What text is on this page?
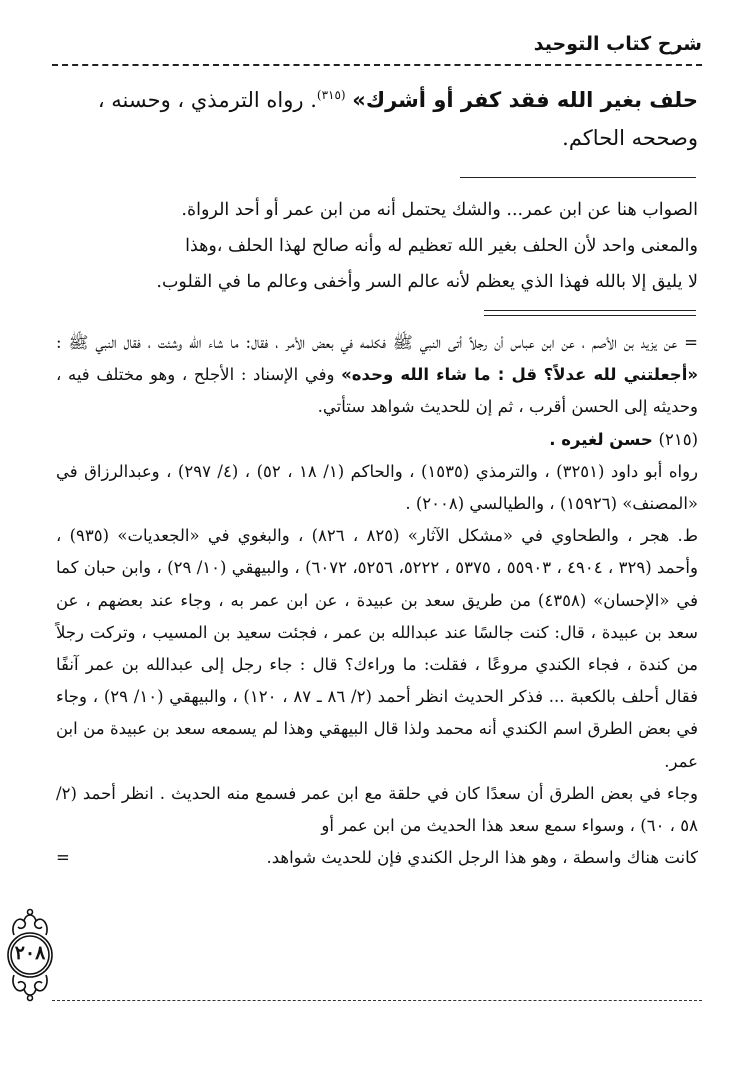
شرح كتاب التوحيد
حلف بغير الله فقد كفر أو أشرك» $^{(٣١٥)}$. رواه الترمذي ، وحسنه ،
وصححه الحاكم.
الصواب هنا عن ابن عمر... والشك يحتمل أنه من ابن عمر أو أحد الرواة.
والمعنى واحد لأن الحلف بغير الله تعظيم له وأنه صالح لهذا الحلف ،وهذا
لا يليق إلا بالله فهذا الذي يعظم لأنه عالم السر وأخفى وعالم ما في القلوب.

= عن يزيد بن الأصم ، عن ابن عباس أن رجلاً أتى النبي ﷺ فكلمه في بعض الأمر ، فقال: ما شاء الله وشئت ، فقال النبي ﷺ : «أجعلتني لله عدلاً؟ قل : ما شاء الله وحده» وفي الإسناد : الأجلح ، وهو مختلف فيه ، وحديثه إلى الحسن أقرب ، ثم إن للحديث شواهد ستأتي.

(٢١٥) حسن لغيره .

رواه أبو داود (٣٢٥١) ، والترمذي (١٥٣٥) ، والحاكم (١/ ١٨ ، ٥٢) ، (٤/ ٢٩٧) ، وعبدالرزاق في «المصنف» (١٥٩٢٦) ، والطيالسي (٢٠٠٨) .

ط. هجر ، والطحاوي في «مشكل الآثار» (٨٢٥ ، ٨٢٦) ، والبغوي في «الجعديات» (٩٣٥) ، وأحمد (٣٢٩ ، ٤٩٠٤ ، ٥٥٩٠٣ ، ٥٣٧٥ ، ٥٢٢٢، ٥٢٥٦، ٦٠٧٢) ، والبيهقي (١٠/ ٢٩) ، وابن حبان كما في «الإحسان» (٤٣٥٨) من طريق سعد بن عبيدة ، عن ابن عمر به ، وجاء عند بعضهم ، عن سعد بن عبيدة ، قال: كنت جالسًا عند عبدالله بن عمر ، فجئت سعيد بن المسيب ، وتركت رجلاً من كندة ، فجاء الكندي مروعًا ، فقلت: ما وراءك؟ قال : جاء رجل إلى عبدالله بن عمر آنفًا فقال أحلف بالكعبة ... فذكر الحديث انظر أحمد (٢/ ٨٦ ـ ٨٧ ، ١٢٠) ، والبيهقي (١٠/ ٢٩) ، وجاء في بعض الطرق اسم الكندي أنه محمد ولذا قال البيهقي وهذا لم يسمعه سعد بن عبيدة من ابن عمر.

وجاء في بعض الطرق أن سعدًا كان في حلقة مع ابن عمر فسمع منه الحديث . انظر أحمد (٢/ ٥٨ ، ٦٠) ، وسواء سمع سعد هذا الحديث من ابن عمر أو

كانت هناك واسطة ، وهو هذا الرجل الكندي فإن للحديث شواهد.
=

٢٠٨
